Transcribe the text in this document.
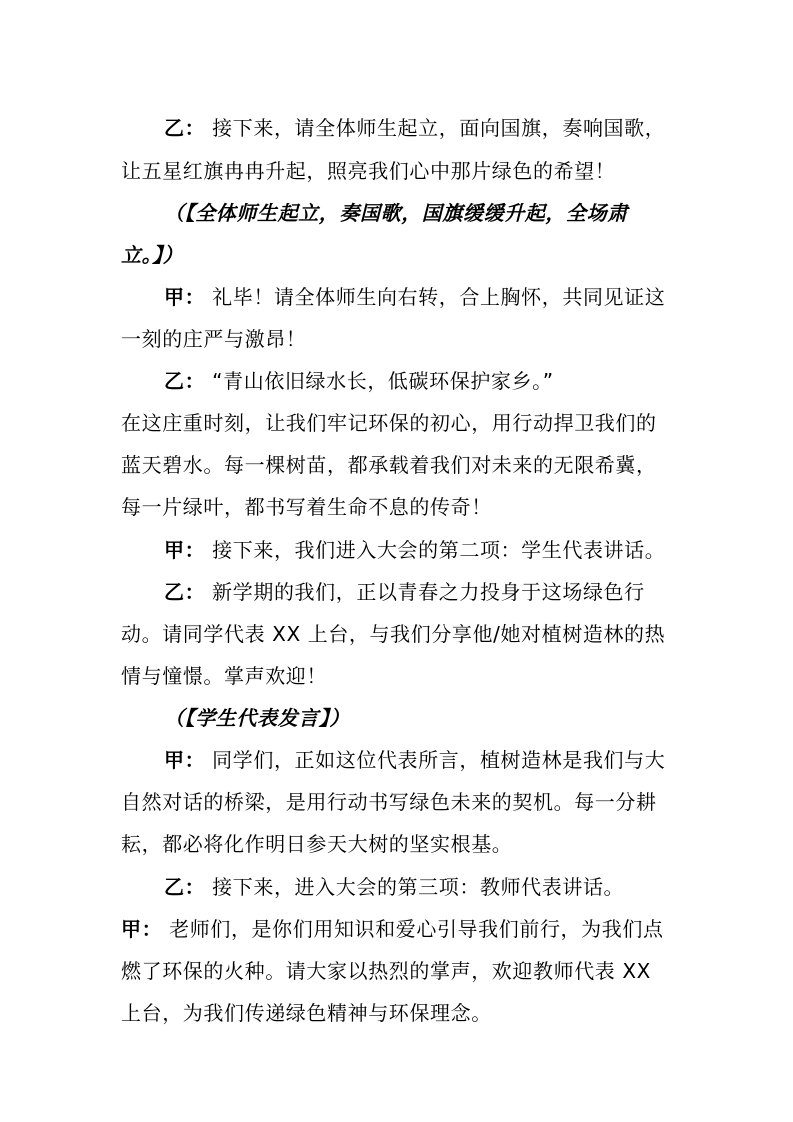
乙： 接下来，请全体师生起立，面向国旗，奏响国歌，
让五星红旗冉冉升起，照亮我们心中那片绿色的希望！
（【全体师生起立，奏国歌，国旗缓缓升起，全场肃
立。】）
甲： 礼毕！请全体师生向右转，合上胸怀，共同见证这
一刻的庄严与激昂！
乙： “青山依旧绿水长，低碳环保护家乡。”
在这庄重时刻，让我们牢记环保的初心，用行动捍卫我们的
蓝天碧水。每一棵树苗，都承载着我们对未来的无限希冀，
每一片绿叶，都书写着生命不息的传奇！
甲： 接下来，我们进入大会的第二项：学生代表讲话。
乙： 新学期的我们，正以青春之力投身于这场绿色行
动。请同学代表 XX 上台，与我们分享他/她对植树造林的热
情与憧憬。掌声欢迎！
（【学生代表发言】）
甲： 同学们，正如这位代表所言，植树造林是我们与大
自然对话的桥梁，是用行动书写绿色未来的契机。每一分耕
耘，都必将化作明日参天大树的坚实根基。
乙： 接下来，进入大会的第三项：教师代表讲话。
甲： 老师们，是你们用知识和爱心引导我们前行，为我们点
燃了环保的火种。请大家以热烈的掌声，欢迎教师代表 XX
上台，为我们传递绿色精神与环保理念。
